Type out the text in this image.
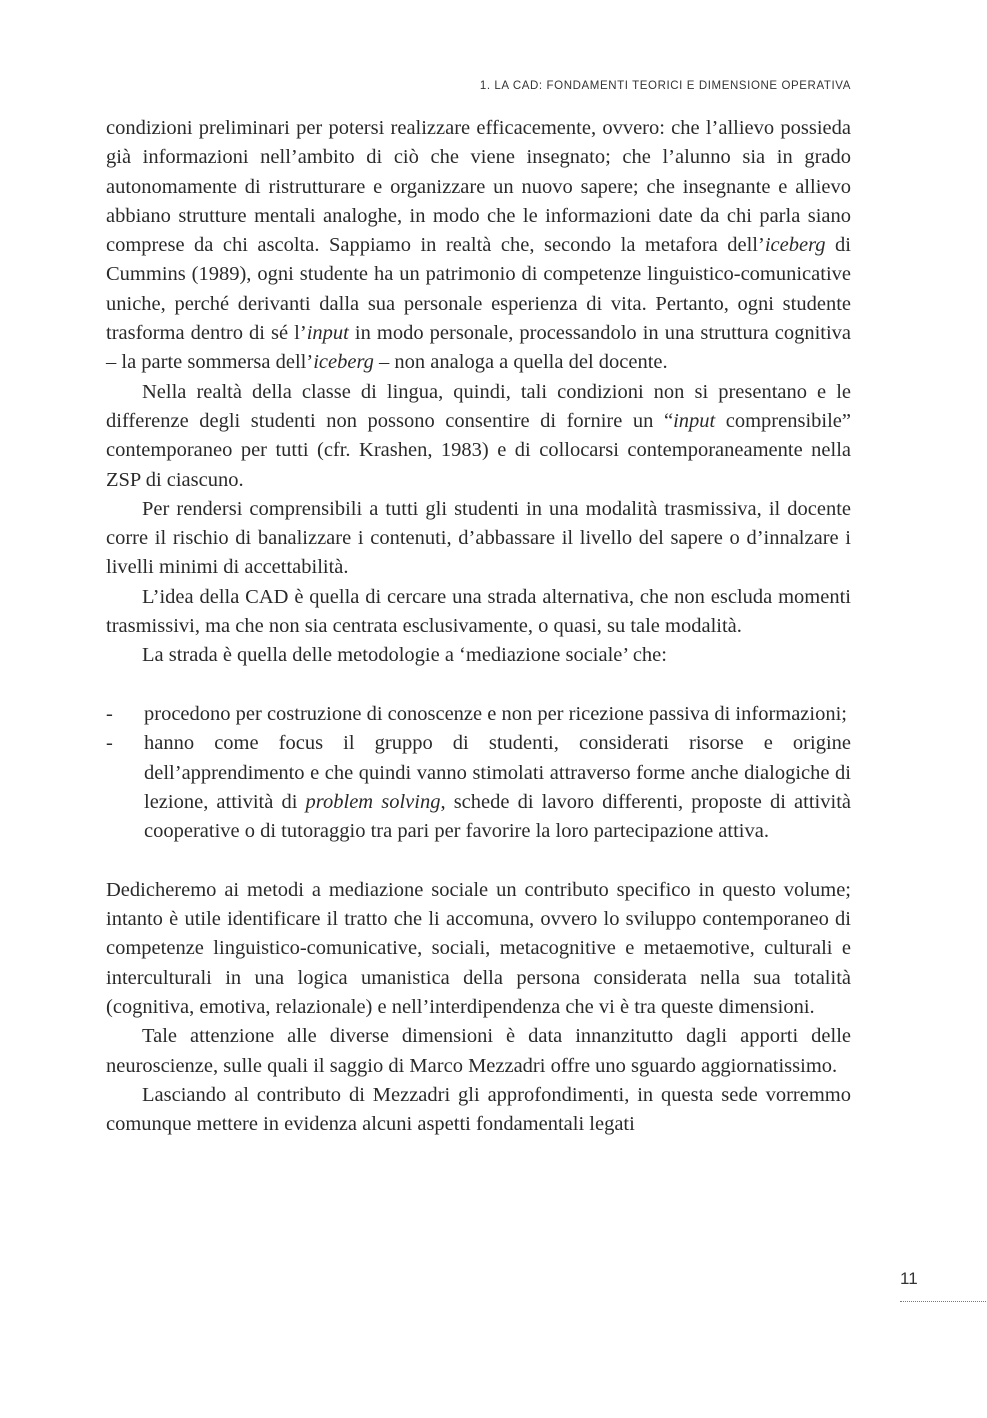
1. LA CAD: FONDAMENTI TEORICI E DIMENSIONE OPERATIVA

condizioni preliminari per potersi realizzare efficacemente, ovvero: che l’allievo possieda già informazioni nell’ambito di ciò che viene insegnato; che l’alunno sia in grado autonomamente di ristrutturare e organizzare un nuovo sapere; che insegnante e allievo abbiano strutture mentali analoghe, in modo che le informazioni date da chi parla siano comprese da chi ascolta. Sappiamo in realtà che, secondo la metafora dell’iceberg di Cummins (1989), ogni studente ha un patrimonio di competenze linguistico-comunicative uniche, perché derivanti dalla sua personale esperienza di vita. Pertanto, ogni studente trasforma dentro di sé l’input in modo personale, processandolo in una struttura cognitiva – la parte sommersa dell’iceberg – non analoga a quella del docente.

Nella realtà della classe di lingua, quindi, tali condizioni non si presentano e le differenze degli studenti non possono consentire di fornire un “input comprensibile” contemporaneo per tutti (cfr. Krashen, 1983) e di collocarsi contemporaneamente nella ZSP di ciascuno.

Per rendersi comprensibili a tutti gli studenti in una modalità trasmissiva, il docente corre il rischio di banalizzare i contenuti, d’abbassare il livello del sapere o d’innalzare i livelli minimi di accettabilità.

L’idea della CAD è quella di cercare una strada alternativa, che non escluda momenti trasmissivi, ma che non sia centrata esclusivamente, o quasi, su tale modalità.

La strada è quella delle metodologie a ‘mediazione sociale’ che:

- procedono per costruzione di conoscenze e non per ricezione passiva di informazioni;
- hanno come focus il gruppo di studenti, considerati risorse e origine dell’apprendimento e che quindi vanno stimolati attraverso forme anche dialogiche di lezione, attività di problem solving, schede di lavoro differenti, proposte di attività cooperative o di tutoraggio tra pari per favorire la loro partecipazione attiva.

Dedicheremo ai metodi a mediazione sociale un contributo specifico in questo volume; intanto è utile identificare il tratto che li accomuna, ovvero lo sviluppo contemporaneo di competenze linguistico-comunicative, sociali, metacognitive e metaemotive, culturali e interculturali in una logica umanistica della persona considerata nella sua totalità (cognitiva, emotiva, relazionale) e nell’interdipendenza che vi è tra queste dimensioni.

Tale attenzione alle diverse dimensioni è data innanzitutto dagli apporti delle neuroscienze, sulle quali il saggio di Marco Mezzadri offre uno sguardo aggiornatissimo.

Lasciando al contributo di Mezzadri gli approfondimenti, in questa sede vorremmo comunque mettere in evidenza alcuni aspetti fondamentali legati

11
